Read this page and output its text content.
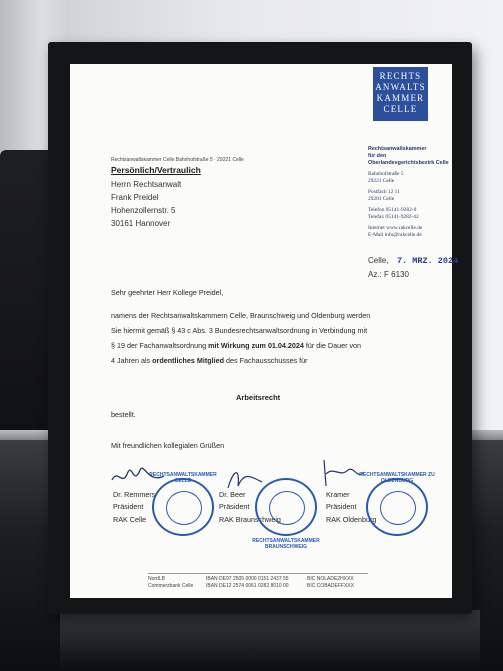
RECHTS
ANWALTS
KAMMER
CELLE
Rechtsanwaltskammer Celle Bahnhofstraße 5 · 29221 Celle
Persönlich/Vertraulich
Herrn Rechtsanwalt
Frank Preidel
Hohenzollernstr. 5
30161 Hannover
Rechtsanwaltskammer
für den
Oberlandesgerichtsbezirk Celle
Bahnhofstraße 5
29221 Celle
Postfach 12 11
29201 Celle
Telefon 05141-9282-0
Telefax 05141-9282-42
Internet www.rakcelle.de
E-Mail info@rakcelle.de
Celle, 7. MRZ. 2024
Az.: F 6130
Sehr geehrter Herr Kollege Preidel,
namens der Rechtsanwaltskammern Celle, Braunschweig und Oldenburg werden
Sie hiermit gemäß § 43 c Abs. 3 Bundesrechtsanwaltsordnung in Verbindung mit
§ 19 der Fachanwaltsordnung mit Wirkung zum 01.04.2024 für die Dauer von
4 Jahren als ordentliches Mitglied des Fachausschusses für
Arbeitsrecht
bestellt.
Mit freundlichen kollegialen Grüßen
Dr. Remmers
Präsident
RAK Celle
Dr. Beer
Präsident
RAK Braunschweig
Kramer
Präsident
RAK Oldenburg
RECHTSANWALTSKAMMER CELLE
RECHTSANWALTSKAMMER BRAUNSCHWEIG
RECHTSANWALTSKAMMER ZU OLDENBURG
NordLB	IBAN DE97 2505 0000 0151 2437 55	BIC NOLADE2HXXX
Commerzbank Celle	IBAN DE12 2574 0061 0282 8010 00	BIC COBADEFFXXX
